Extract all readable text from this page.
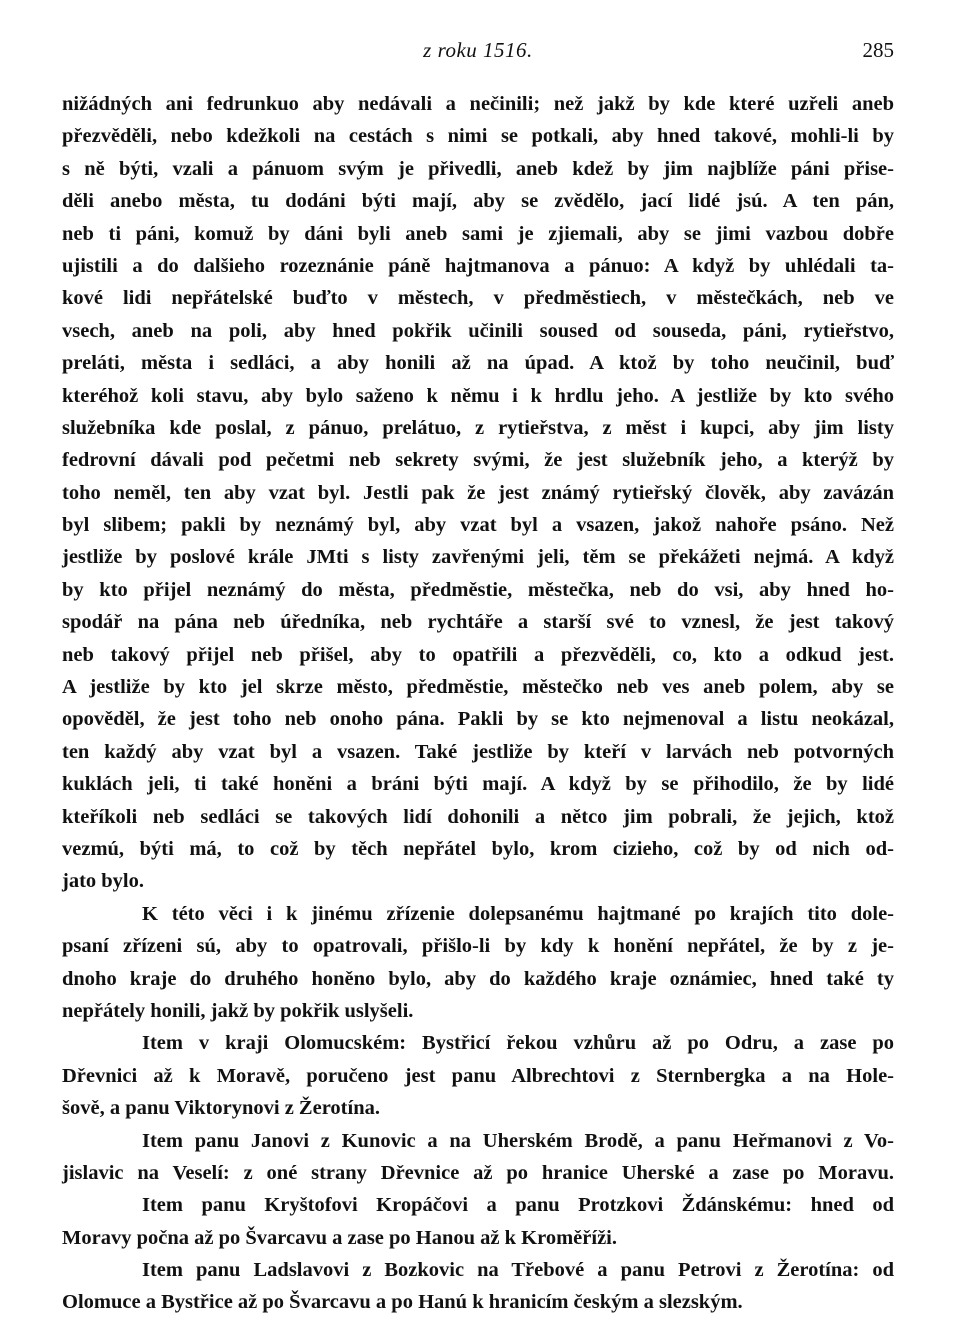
z roku 1516.	285
nižádných ani fedrunkuo aby nedávali a nečinili; než jakž by kde které uzřeli aneb
přezvěděli, nebo kdežkoli na cestách s nimi se potkali, aby hned takové, mohli-li by
s ně býti, vzali a pánuom svým je přivedli, aneb kdež by jim najblíže páni přise-
děli anebo města, tu dodáni býti mají, aby se zvědělo, jací lidé jsú. A ten pán,
neb ti páni, komuž by dáni byli aneb sami je zjiemali, aby se jimi vazbou dobře
ujistili a do dalšieho rozeznánie páně hajtmanova a pánuo: A když by uhlédali ta-
kové lidi nepřátelské buďto v městech, v předměstiech, v městečkách, neb ve
vsech, aneb na poli, aby hned pokřik učinili soused od souseda, páni, rytieřstvo,
preláti, města i sedláci, a aby honili až na úpad. A ktož by toho neučinil, buď
kteréhož koli stavu, aby bylo saženo k němu i k hrdlu jeho. A jestliže by kto svého
služebníka kde poslal, z pánuo, prelátuo, z rytieřstva, z měst i kupci, aby jim listy
fedrovní dávali pod pečetmi neb sekrety svými, že jest služebník jeho, a kterýž by
toho neměl, ten aby vzat byl. Jestli pak že jest známý rytieřský člověk, aby zavázán
byl slibem; pakli by neznámý byl, aby vzat byl a vsazen, jakož nahoře psáno. Než
jestliže by poslové krále JMti s listy zavřenými jeli, těm se překážeti nejmá. A když
by kto přijel neznámý do města, předměstie, městečka, neb do vsi, aby hned ho-
spodář na pána neb úředníka, neb rychtáře a starší své to vznesl, že jest takový
neb takový přijel neb přišel, aby to opatřili a přezvěděli, co, kto a odkud jest.
A jestliže by kto jel skrze město, předměstie, městečko neb ves aneb polem, aby se
opověděl, že jest toho neb onoho pána. Pakli by se kto nejmenoval a listu neokázal,
ten každý aby vzat byl a vsazen. Také jestliže by kteří v larvách neb potvorných
kuklách jeli, ti také honěni a bráni býti mají. A když by se přihodilo, že by lidé
kteříkoli neb sedláci se takových lidí dohonili a nětco jim pobrali, že jejich, ktož
vezmú, býti má, to což by těch nepřátel bylo, krom cizieho, což by od nich od-
jato bylo.
K této věci i k jinému zřízenie dolepsanému hajtmané po krajích tito dole-
psaní zřízeni sú, aby to opatrovali, přišlo-li by kdy k honění nepřátel, že by z je-
dnoho kraje do druhého honěno bylo, aby do každého kraje oznámiec, hned také ty
nepřátely honili, jakž by pokřik uslyšeli.
Item v kraji Olomucském: Bystřicí řekou vzhůru až po Odru, a zase po
Dřevnici až k Moravě, poručeno jest panu Albrechtovi z Sternbergka a na Hole-
šově, a panu Viktorynovi z Žerotína.
Item panu Janovi z Kunovic a na Uherském Brodě, a panu Heřmanovi z Vo-
jislavic na Veselí: z oné strany Dřevnice až po hranice Uherské a zase po Moravu.
Item panu Kryštofovi Kropáčovi a panu Protzkovi Ždánskému: hned od
Moravy počna až po Švarcavu a zase po Hanou až k Kroměříži.
Item panu Ladslavovi z Bozkovic na Třebové a panu Petrovi z Žerotína: od
Olomuce a Bystřice až po Švarcavu a po Hanú k hranicím českým a slezským.
